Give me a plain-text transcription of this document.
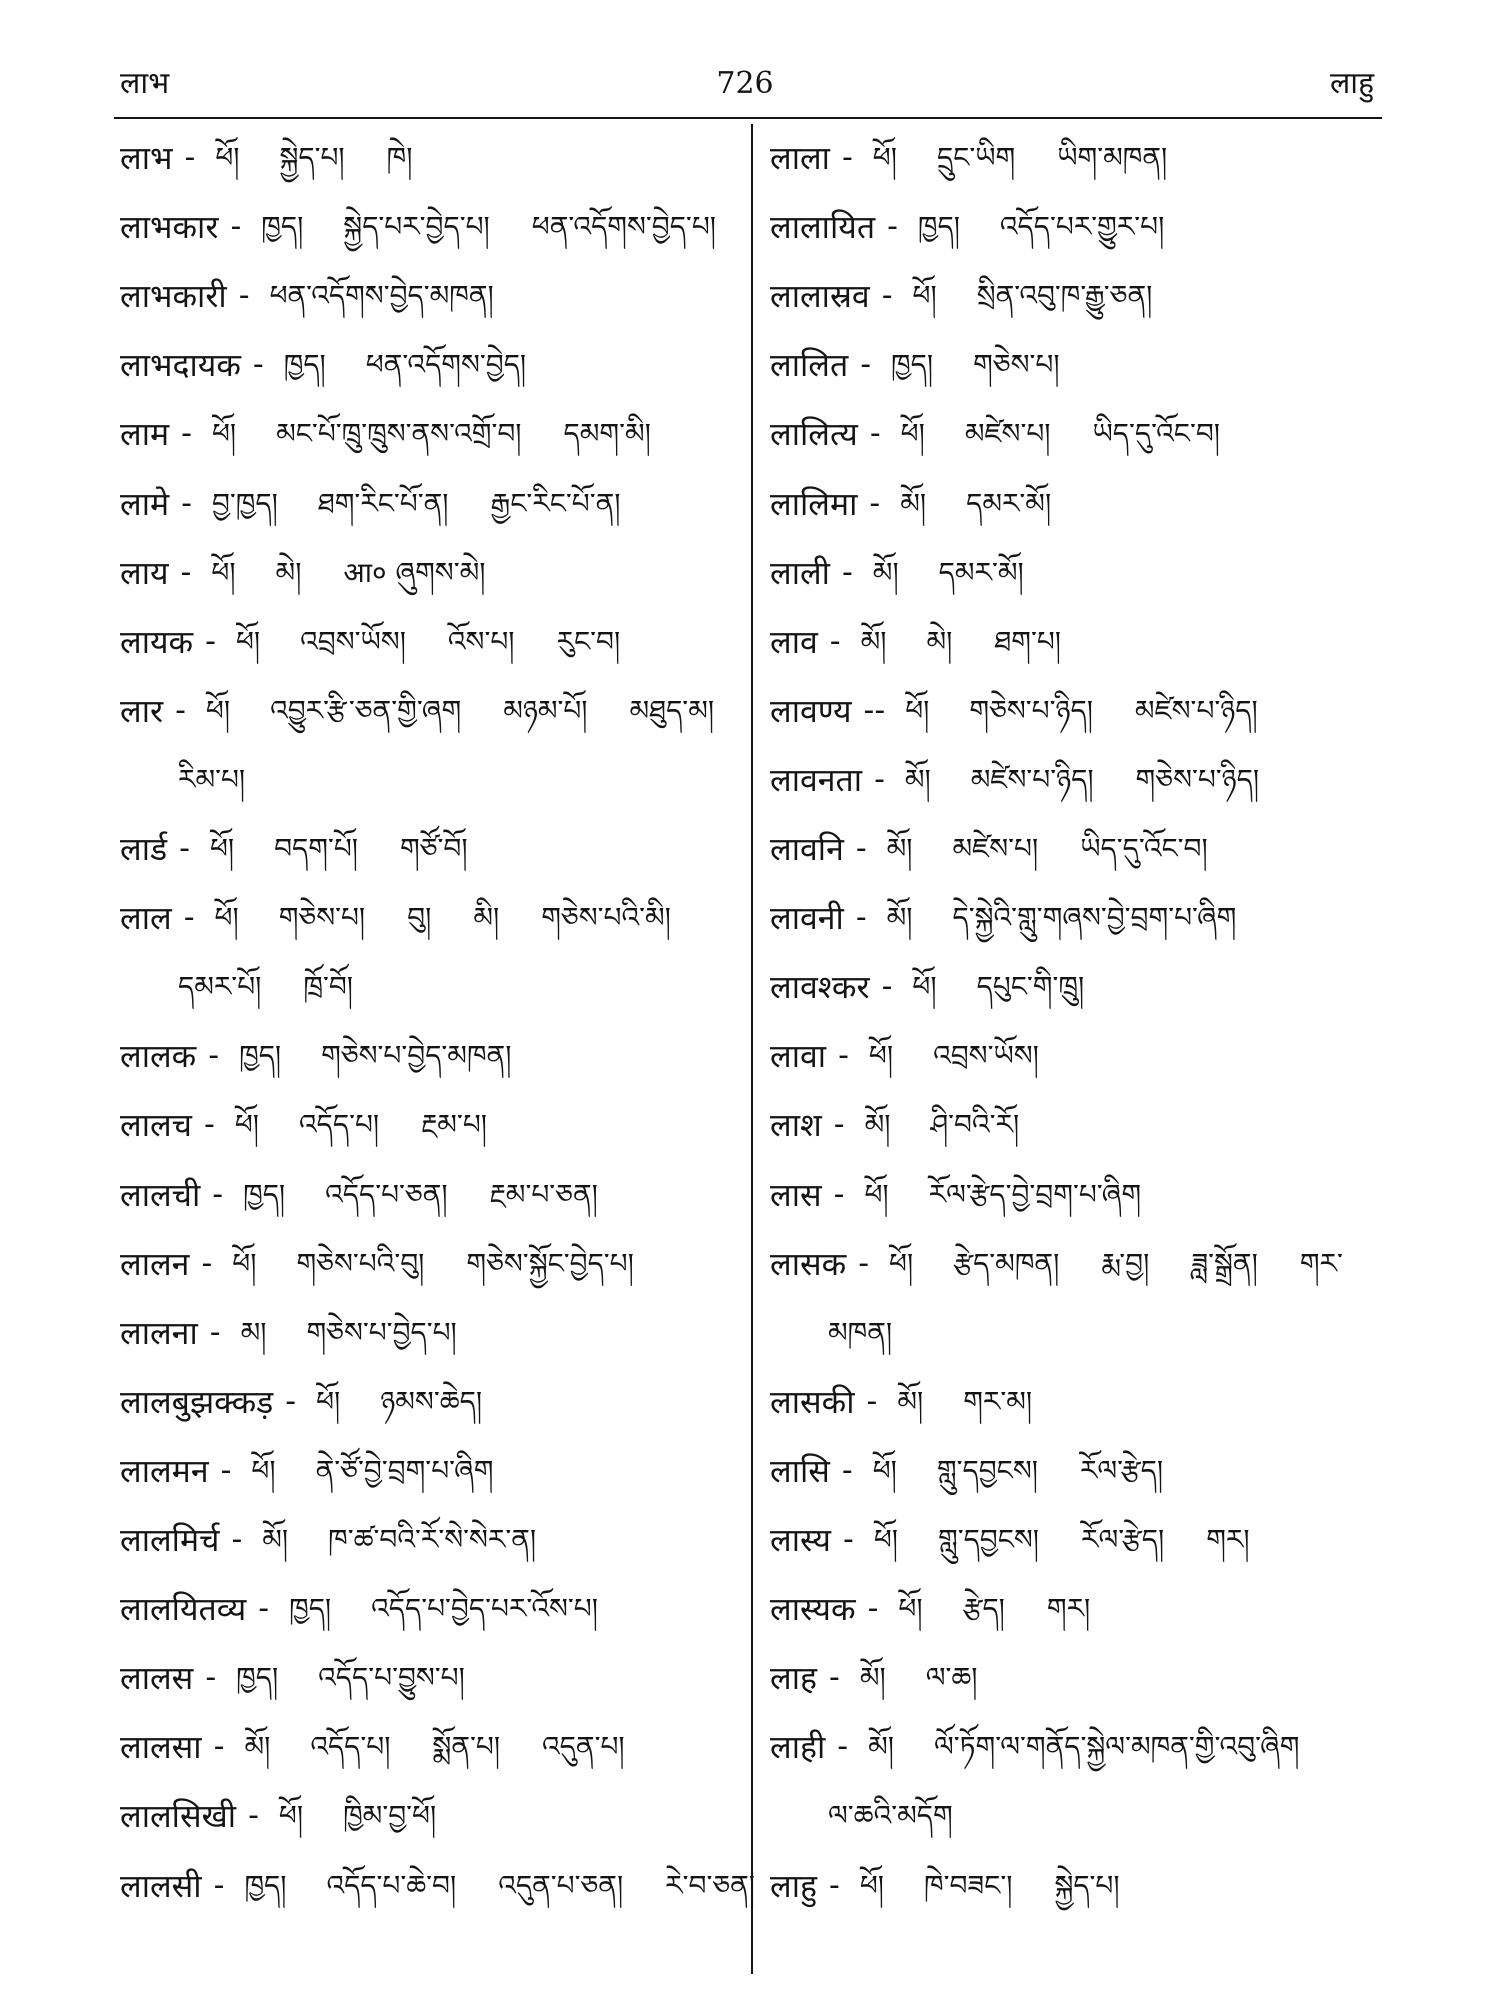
लाभ	726	लाहु
लाभ - ཕོ། སྐྱེད་པ། ཁེ།
लाभकार - ཁྱད། སྐྱེད་པར་བྱེད་པ། ཕན་འདོགས་བྱེད་པ།
लाभकारी - ཕན་འདོགས་བྱེད་མཁན།
लाभदायक - ཁྱད། ཕན་འདོགས་བྱེད།
लाम - ཕོ། མང་པོ་ཁྲུ་ཁྲུས་ནས་འགྲོ་བ། དམག་མི།
लामे - བྱ་ཁྱད། ཐག་རིང་པོ་ན། རྒྱང་རིང་པོ་ན།
लाय - ཕོ། མེ། आ० ཞུགས་མེ།
लायक - ཕོ། འབྲས་ཡོས། འོས་པ། རུང་བ།
लार - ཕོ། འབྱུར་རྩི་ཅན་གྱི་ཞག མཉམ་པོ། མཐུད་མ།
རིམ་པ།
लार्ड - ཕོ། བདག་པོ། གཙོ་བོ།
लाल - ཕོ། གཅེས་པ། བུ། མི། གཅེས་པའི་མི།
དམར་པོ། ཁྲོ་བོ།
लालक - ཁྱད། གཅེས་པ་བྱེད་མཁན།
लालच - ཕོ། འདོད་པ། རྔམ་པ།
लालची - ཁྱད། འདོད་པ་ཅན། རྔམ་པ་ཅན།
लालन - ཕོ། གཅེས་པའི་བུ། གཅེས་སྐྱོང་བྱེད་པ།
लालना - མ། གཅེས་པ་བྱེད་པ།
लालबुझक्कड़ - ཕོ། ཉམས་ཆེད།
लालमन - ཕོ། ནེ་ཙོ་བྱེ་བྲག་པ་ཞིག
लालमिर्च - མོ། ཁ་ཚ་བའི་རོ་སེ་སེར་ན།
लालयितव्य - ཁྱད། འདོད་པ་བྱེད་པར་འོས་པ།
लालस - ཁྱད། འདོད་པ་བྱུས་པ།
लालसा - མོ། འདོད་པ། སྨོན་པ། འདུན་པ།
लालसिखी - ཕོ། ཁྱིམ་བྱ་ཕོ།
लालसी - ཁྱད། འདོད་པ་ཆེ་བ། འདུན་པ་ཅན། རེ་བ་ཅན།
लाला - ཕོ། དྲུང་ཡིག ཡིག་མཁན།
लालायित - ཁྱད། འདོད་པར་གྱུར་པ།
लालास्रव - ཕོ། སྲིན་འབུ་ཁ་རྒྱུ་ཅན།
लालित - ཁྱད། གཅེས་པ།
लालित्य - ཕོ། མཛེས་པ། ཡིད་དུ་འོང་བ།
लालिमा - མོ། དམར་མོ།
लाली - མོ། དམར་མོ།
लाव - མོ། མེ། ཐག་པ།
लावण्य -- ཕོ། གཅེས་པ་ཉིད། མཛེས་པ་ཉིད།
लावनता - མོ། མཛེས་པ་ཉིད། གཅེས་པ་ཉིད།
लावनि - མོ། མཛེས་པ། ཡིད་དུ་འོང་བ།
लावनी - མོ། དེ་སྐྱེའི་གླུ་གཞས་བྱེ་བྲག་པ་ཞིག
लावश्कर - ཕོ། དཔུང་གི་ཁྲུ།
लावा - ཕོ། འབྲས་ཡོས།
लाश - མོ། ཤི་བའི་རོ།
लास - ཕོ། རོལ་རྩེད་བྱེ་བྲག་པ་ཞིག
लासक - ཕོ། རྩེད་མཁན། རྨ་བྱ། ཟླ་སྒྲོན། གར་
མཁན།
लासकी - མོ། གར་མ།
लासि - ཕོ། གླུ་དབྱངས། རོལ་རྩེད།
लास्य - ཕོ། གླུ་དབྱངས། རོལ་རྩེད། གར།
लास्यक - ཕོ། རྩེད། གར།
लाह - མོ། ལ་ཆ།
लाही - མོ། ལོ་ཏོག་ལ་གནོད་སྐྱེལ་མཁན་གྱི་འབུ་ཞིག
ལ་ཆའི་མདོག
लाहु - ཕོ། ཁེ་བཟང་། སྐྱེད་པ།
